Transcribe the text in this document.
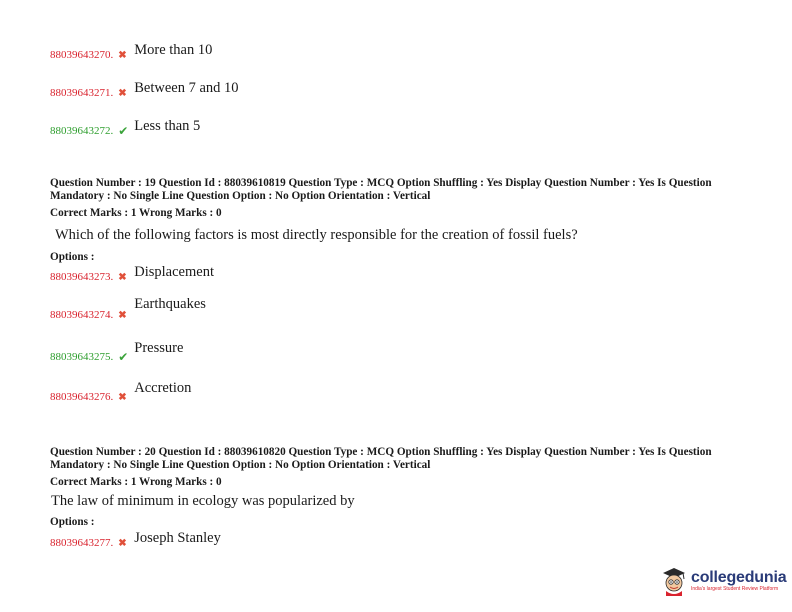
88039643270. ✖ More than 10
88039643271. ✖ Between 7 and 10
88039643272. ✔ Less than 5
Question Number : 19 Question Id : 88039610819 Question Type : MCQ Option Shuffling : Yes Display Question Number : Yes Is Question Mandatory : No Single Line Question Option : No Option Orientation : Vertical
Correct Marks : 1 Wrong Marks : 0
Which of the following factors is most directly responsible for the creation of fossil fuels?
Options :
88039643273. ✖ Displacement
88039643274. ✖
Earthquakes
88039643275. ✔
Pressure
88039643276. ✖
Accretion
Question Number : 20 Question Id : 88039610820 Question Type : MCQ Option Shuffling : Yes Display Question Number : Yes Is Question Mandatory : No Single Line Question Option : No Option Orientation : Vertical
Correct Marks : 1 Wrong Marks : 0
The law of minimum in ecology was popularized by
Options :
88039643277. ✖ Joseph Stanley
collegedunia
India's largest Student Review Platform
